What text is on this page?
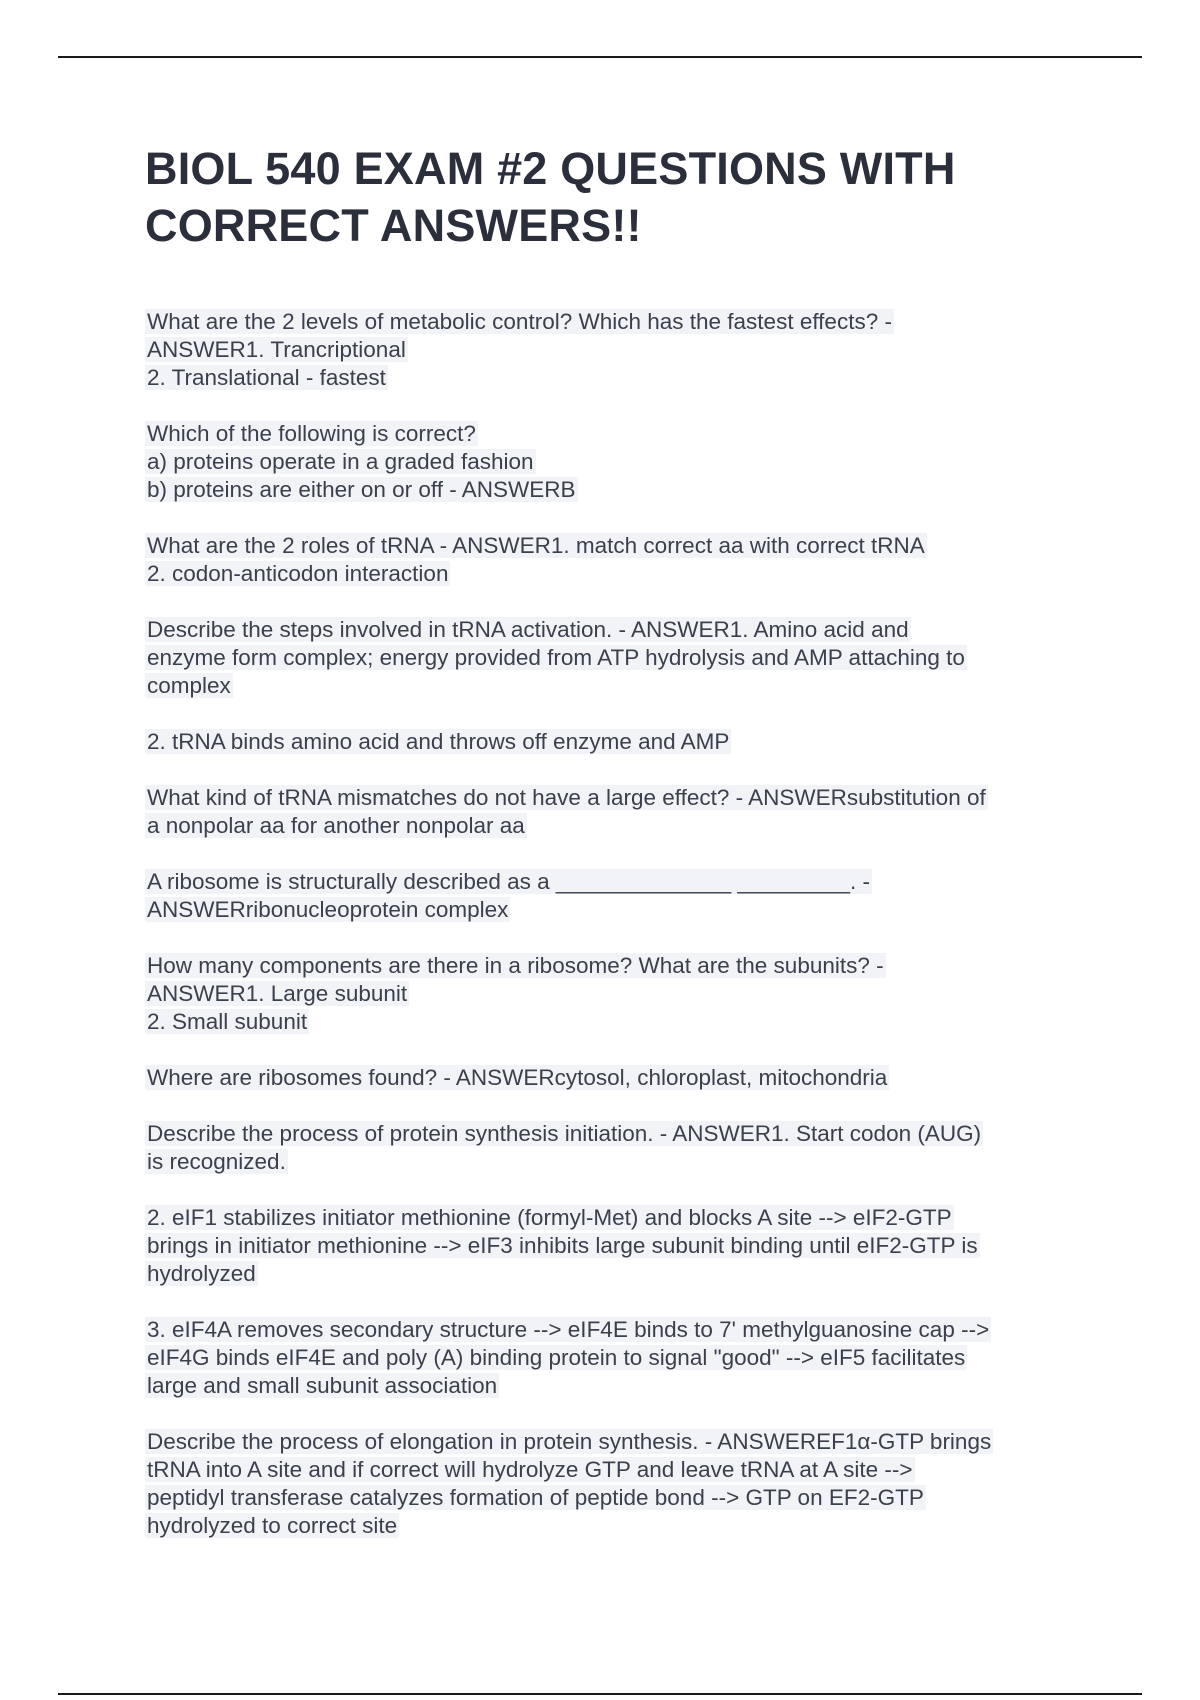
BIOL 540 EXAM #2 QUESTIONS WITH
CORRECT ANSWERS!!

What are the 2 levels of metabolic control? Which has the fastest effects? -
ANSWER1. Trancriptional
2. Translational - fastest

Which of the following is correct?
a) proteins operate in a graded fashion
b) proteins are either on or off - ANSWERB

What are the 2 roles of tRNA - ANSWER1. match correct aa with correct tRNA
2. codon-anticodon interaction

Describe the steps involved in tRNA activation. - ANSWER1. Amino acid and
enzyme form complex; energy provided from ATP hydrolysis and AMP attaching to
complex

2. tRNA binds amino acid and throws off enzyme and AMP

What kind of tRNA mismatches do not have a large effect? - ANSWERsubstitution of
a nonpolar aa for another nonpolar aa

A ribosome is structurally described as a ______________ _________. -
ANSWERribonucleoprotein complex

How many components are there in a ribosome? What are the subunits? -
ANSWER1. Large subunit
2. Small subunit

Where are ribosomes found? - ANSWERcytosol, chloroplast, mitochondria

Describe the process of protein synthesis initiation. - ANSWER1. Start codon (AUG)
is recognized.

2. eIF1 stabilizes initiator methionine (formyl-Met) and blocks A site --> eIF2-GTP
brings in initiator methionine --> eIF3 inhibits large subunit binding until eIF2-GTP is
hydrolyzed

3. eIF4A removes secondary structure --> eIF4E binds to 7' methylguanosine cap -->
eIF4G binds eIF4E and poly (A) binding protein to signal "good" --> eIF5 facilitates
large and small subunit association

Describe the process of elongation in protein synthesis. - ANSWEREF1α-GTP brings
tRNA into A site and if correct will hydrolyze GTP and leave tRNA at A site -->
peptidyl transferase catalyzes formation of peptide bond --> GTP on EF2-GTP
hydrolyzed to correct site
